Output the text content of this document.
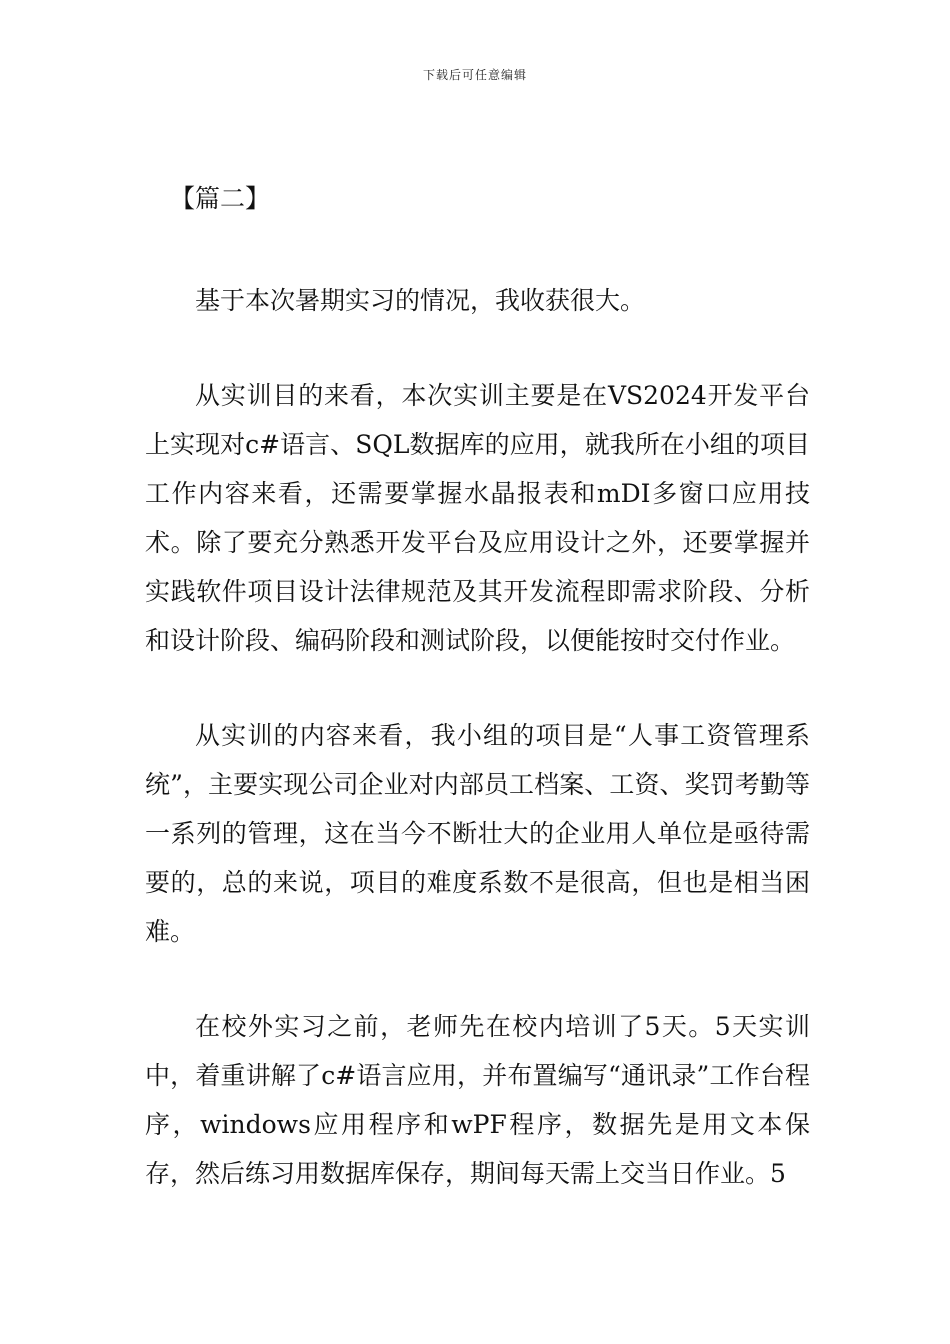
下载后可任意编辑
【篇二】

基于本次暑期实习的情况，我收获很大。

从实训目的来看，本次实训主要是在VS2024开发平台上实现对c#语言、SQL数据库的应用，就我所在小组的项目工作内容来看，还需要掌握水晶报表和mDI多窗口应用技术。除了要充分熟悉开发平台及应用设计之外，还要掌握并实践软件项目设计法律规范及其开发流程即需求阶段、分析和设计阶段、编码阶段和测试阶段，以便能按时交付作业。

从实训的内容来看，我小组的项目是“人事工资管理系统”，主要实现公司企业对内部员工档案、工资、奖罚考勤等一系列的管理，这在当今不断壮大的企业用人单位是亟待需要的，总的来说，项目的难度系数不是很高，但也是相当困难。

在校外实习之前，老师先在校内培训了5天。5天实训中，着重讲解了c#语言应用，并布置编写“通讯录”工作台程序，windows应用程序和wPF程序，数据先是用文本保存，然后练习用数据库保存，期间每天需上交当日作业。5
